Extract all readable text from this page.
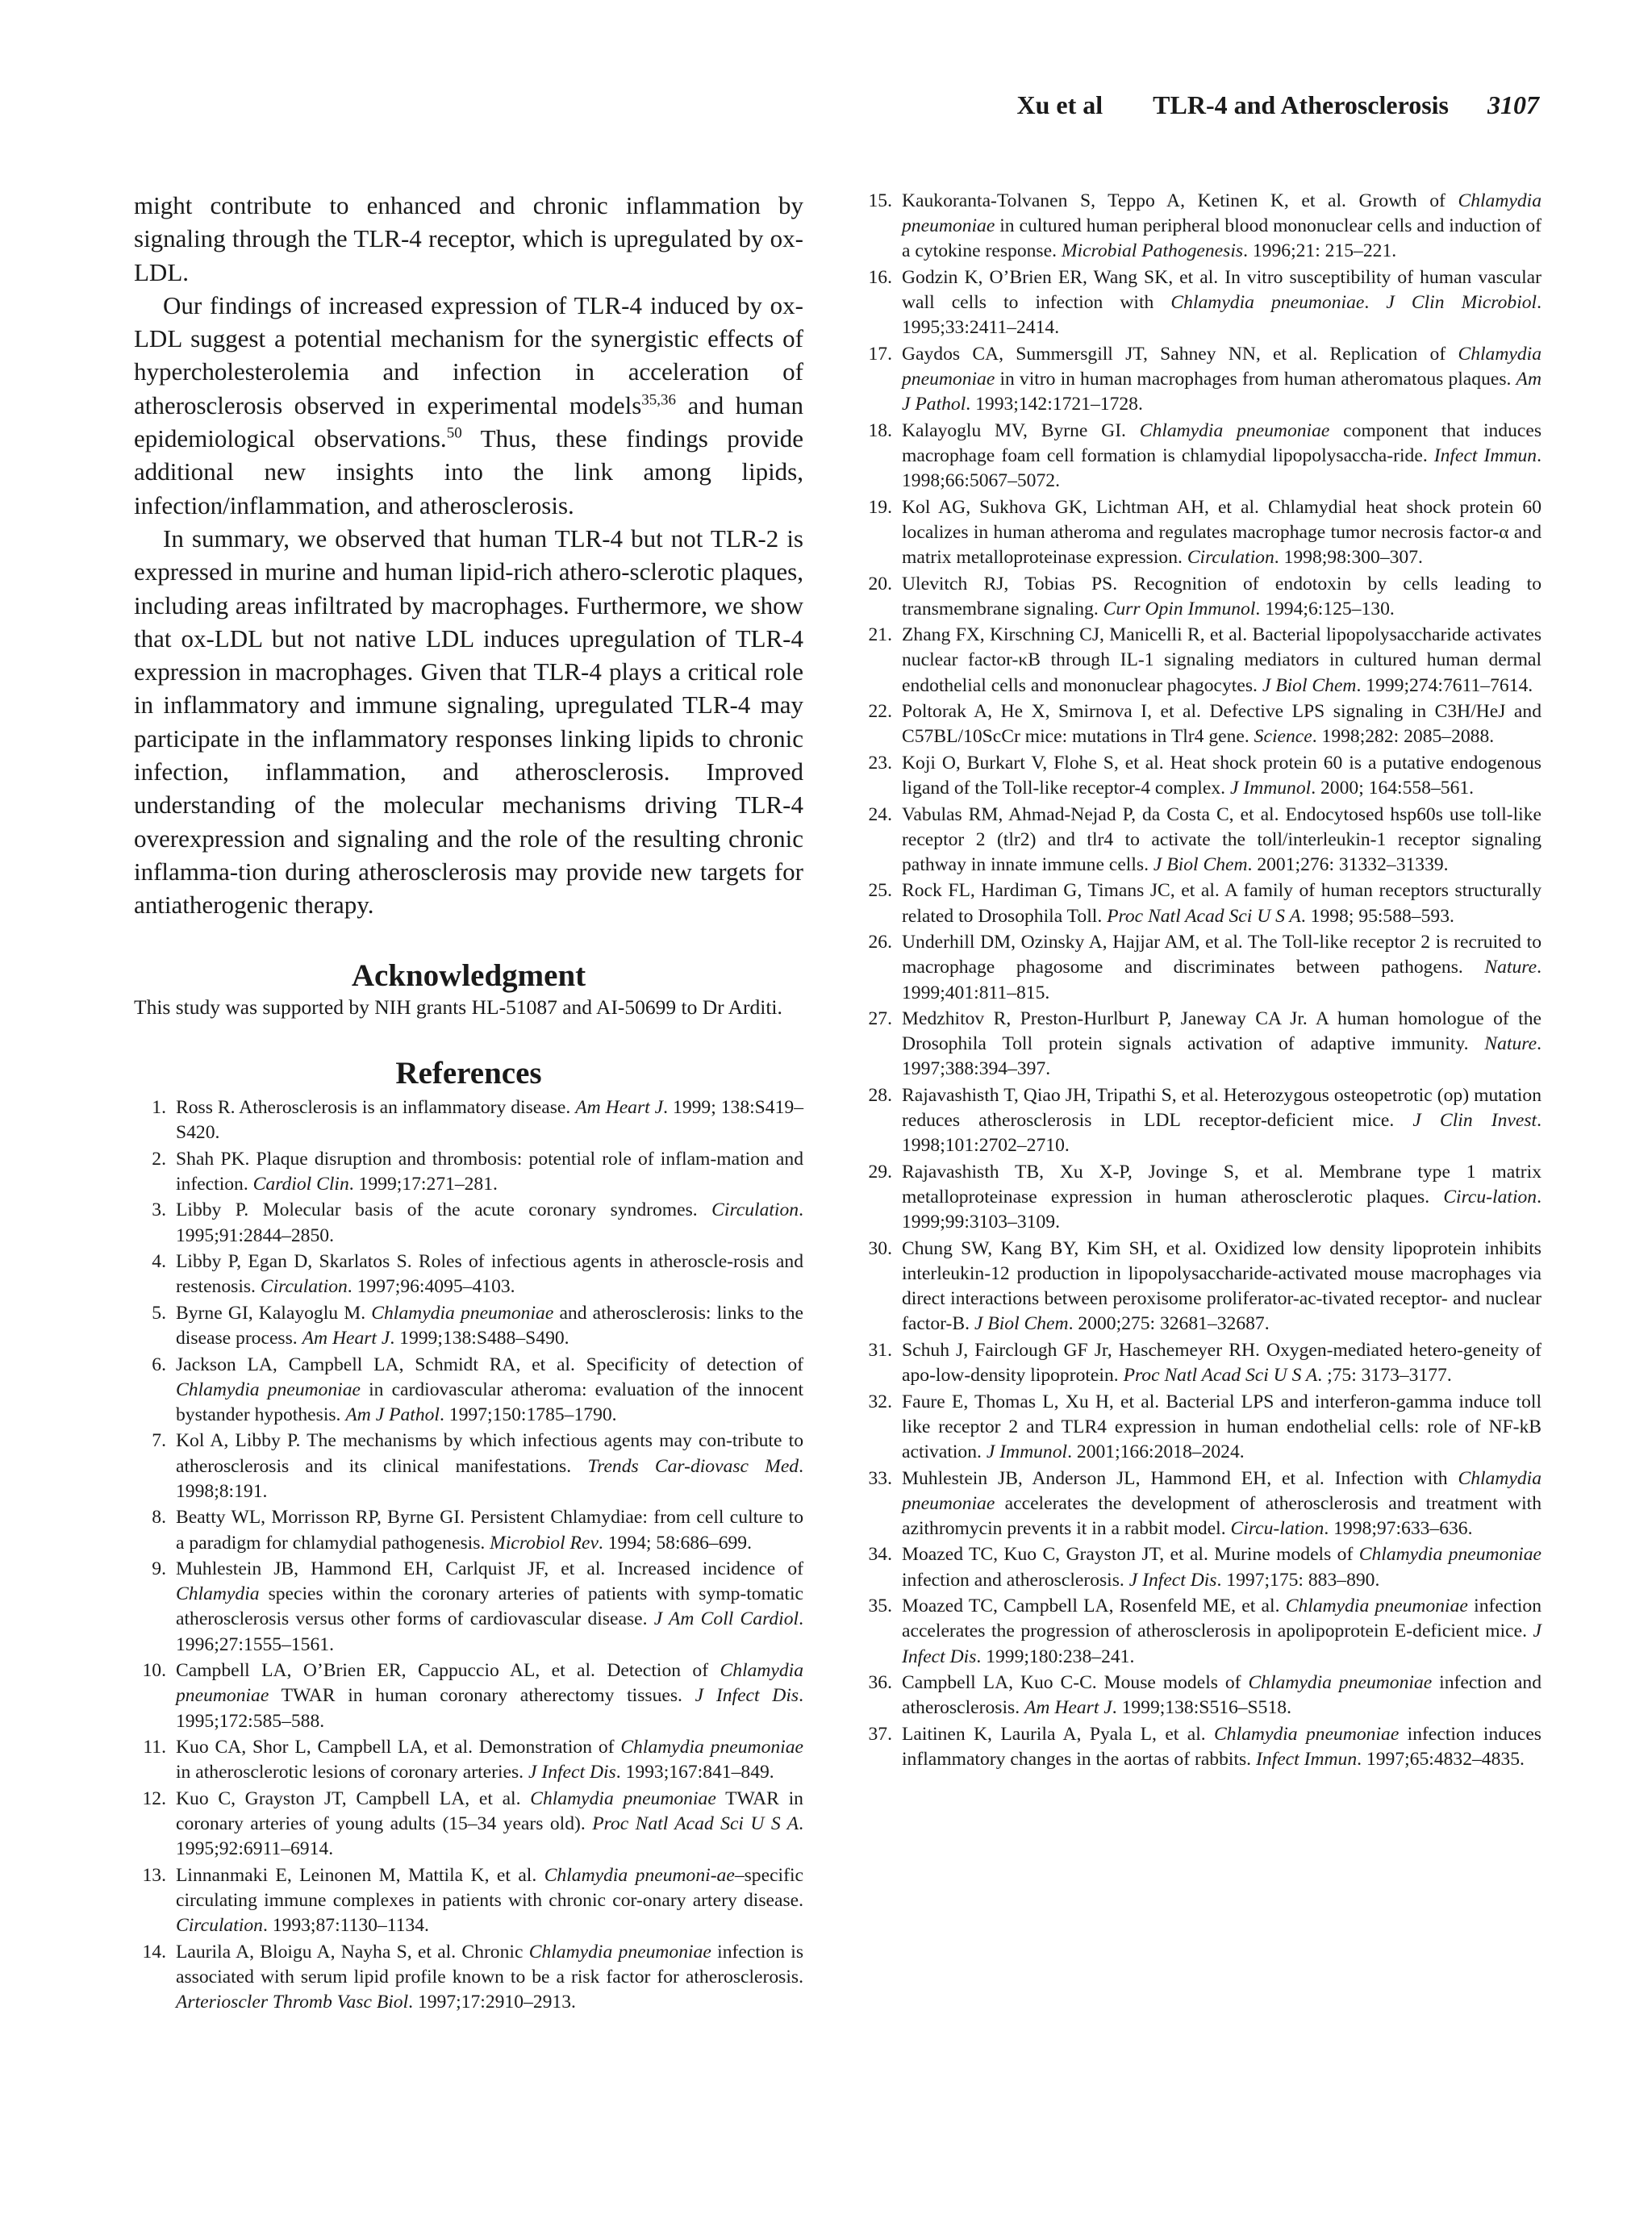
Xu et al TLR-4 and Atherosclerosis 3107

might contribute to enhanced and chronic inflammation by signaling through the TLR-4 receptor, which is upregulated by ox-LDL.

Our findings of increased expression of TLR-4 induced by ox-LDL suggest a potential mechanism for the synergistic effects of hypercholesterolemia and infection in acceleration of atherosclerosis observed in experimental models$^{35,36}$ and human epidemiological observations.$^{50}$ Thus, these findings provide additional new insights into the link among lipids, infection/inflammation, and atherosclerosis.

In summary, we observed that human TLR-4 but not TLR-2 is expressed in murine and human lipid-rich athero-sclerotic plaques, including areas infiltrated by macrophages. Furthermore, we show that ox-LDL but not native LDL induces upregulation of TLR-4 expression in macrophages. Given that TLR-4 plays a critical role in inflammatory and immune signaling, upregulated TLR-4 may participate in the inflammatory responses linking lipids to chronic infection, inflammation, and atherosclerosis. Improved understanding of the molecular mechanisms driving TLR-4 overexpression and signaling and the role of the resulting chronic inflamma-tion during atherosclerosis may provide new targets for antiatherogenic therapy.

Acknowledgment

This study was supported by NIH grants HL-51087 and AI-50699 to Dr Arditi.

References
1. Ross R. Atherosclerosis is an inflammatory disease. Am Heart J. 1999; 138:S419–S420.
2. Shah PK. Plaque disruption and thrombosis: potential role of inflam-mation and infection. Cardiol Clin. 1999;17:271–281.
3. Libby P. Molecular basis of the acute coronary syndromes. Circulation. 1995;91:2844–2850.
4. Libby P, Egan D, Skarlatos S. Roles of infectious agents in atheroscle-rosis and restenosis. Circulation. 1997;96:4095–4103.
5. Byrne GI, Kalayoglu M. Chlamydia pneumoniae and atherosclerosis: links to the disease process. Am Heart J. 1999;138:S488–S490.
6. Jackson LA, Campbell LA, Schmidt RA, et al. Specificity of detection of Chlamydia pneumoniae in cardiovascular atheroma: evaluation of the innocent bystander hypothesis. Am J Pathol. 1997;150:1785–1790.
7. Kol A, Libby P. The mechanisms by which infectious agents may con-tribute to atherosclerosis and its clinical manifestations. Trends Car-diovasc Med. 1998;8:191.
8. Beatty WL, Morrisson RP, Byrne GI. Persistent Chlamydiae: from cell culture to a paradigm for chlamydial pathogenesis. Microbiol Rev. 1994; 58:686–699.
9. Muhlestein JB, Hammond EH, Carlquist JF, et al. Increased incidence of Chlamydia species within the coronary arteries of patients with symp-tomatic atherosclerosis versus other forms of cardiovascular disease. J Am Coll Cardiol. 1996;27:1555–1561.
10. Campbell LA, O’Brien ER, Cappuccio AL, et al. Detection of Chlamydia pneumoniae TWAR in human coronary atherectomy tissues. J Infect Dis. 1995;172:585–588.
11. Kuo CA, Shor L, Campbell LA, et al. Demonstration of Chlamydia pneumoniae in atherosclerotic lesions of coronary arteries. J Infect Dis. 1993;167:841–849.
12. Kuo C, Grayston JT, Campbell LA, et al. Chlamydia pneumoniae TWAR in coronary arteries of young adults (15–34 years old). Proc Natl Acad Sci U S A. 1995;92:6911–6914.
13. Linnanmaki E, Leinonen M, Mattila K, et al. Chlamydia pneumoni-ae–specific circulating immune complexes in patients with chronic cor-onary artery disease. Circulation. 1993;87:1130–1134.
14. Laurila A, Bloigu A, Nayha S, et al. Chronic Chlamydia pneumoniae infection is associated with serum lipid profile known to be a risk factor for atherosclerosis. Arterioscler Thromb Vasc Biol. 1997;17:2910–2913.
15. Kaukoranta-Tolvanen S, Teppo A, Ketinen K, et al. Growth of Chlamydia pneumoniae in cultured human peripheral blood mononuclear cells and induction of a cytokine response. Microbial Pathogenesis. 1996;21: 215–221.
16. Godzin K, O’Brien ER, Wang SK, et al. In vitro susceptibility of human vascular wall cells to infection with Chlamydia pneumoniae. J Clin Microbiol. 1995;33:2411–2414.
17. Gaydos CA, Summersgill JT, Sahney NN, et al. Replication of Chlamydia pneumoniae in vitro in human macrophages from human atheromatous plaques. Am J Pathol. 1993;142:1721–1728.
18. Kalayoglu MV, Byrne GI. Chlamydia pneumoniae component that induces macrophage foam cell formation is chlamydial lipopolysaccha-ride. Infect Immun. 1998;66:5067–5072.
19. Kol AG, Sukhova GK, Lichtman AH, et al. Chlamydial heat shock protein 60 localizes in human atheroma and regulates macrophage tumor necrosis factor-α and matrix metalloproteinase expression. Circulation. 1998;98:300–307.
20. Ulevitch RJ, Tobias PS. Recognition of endotoxin by cells leading to transmembrane signaling. Curr Opin Immunol. 1994;6:125–130.
21. Zhang FX, Kirschning CJ, Manicelli R, et al. Bacterial lipopolysaccharide activates nuclear factor-κB through IL-1 signaling mediators in cultured human dermal endothelial cells and mononuclear phagocytes. J Biol Chem. 1999;274:7611–7614.
22. Poltorak A, He X, Smirnova I, et al. Defective LPS signaling in C3H/HeJ and C57BL/10ScCr mice: mutations in Tlr4 gene. Science. 1998;282: 2085–2088.
23. Koji O, Burkart V, Flohe S, et al. Heat shock protein 60 is a putative endogenous ligand of the Toll-like receptor-4 complex. J Immunol. 2000; 164:558–561.
24. Vabulas RM, Ahmad-Nejad P, da Costa C, et al. Endocytosed hsp60s use toll-like receptor 2 (tlr2) and tlr4 to activate the toll/interleukin-1 receptor signaling pathway in innate immune cells. J Biol Chem. 2001;276: 31332–31339.
25. Rock FL, Hardiman G, Timans JC, et al. A family of human receptors structurally related to Drosophila Toll. Proc Natl Acad Sci U S A. 1998; 95:588–593.
26. Underhill DM, Ozinsky A, Hajjar AM, et al. The Toll-like receptor 2 is recruited to macrophage phagosome and discriminates between pathogens. Nature. 1999;401:811–815.
27. Medzhitov R, Preston-Hurlburt P, Janeway CA Jr. A human homologue of the Drosophila Toll protein signals activation of adaptive immunity. Nature. 1997;388:394–397.
28. Rajavashisth T, Qiao JH, Tripathi S, et al. Heterozygous osteopetrotic (op) mutation reduces atherosclerosis in LDL receptor-deficient mice. J Clin Invest. 1998;101:2702–2710.
29. Rajavashisth TB, Xu X-P, Jovinge S, et al. Membrane type 1 matrix metalloproteinase expression in human atherosclerotic plaques. Circu-lation. 1999;99:3103–3109.
30. Chung SW, Kang BY, Kim SH, et al. Oxidized low density lipoprotein inhibits interleukin-12 production in lipopolysaccharide-activated mouse macrophages via direct interactions between peroxisome proliferator-ac-tivated receptor- and nuclear factor-B. J Biol Chem. 2000;275: 32681–32687.
31. Schuh J, Fairclough GF Jr, Haschemeyer RH. Oxygen-mediated hetero-geneity of apo-low-density lipoprotein. Proc Natl Acad Sci U S A. ;75: 3173–3177.
32. Faure E, Thomas L, Xu H, et al. Bacterial LPS and interferon-gamma induce toll like receptor 2 and TLR4 expression in human endothelial cells: role of NF-kB activation. J Immunol. 2001;166:2018–2024.
33. Muhlestein JB, Anderson JL, Hammond EH, et al. Infection with Chlamydia pneumoniae accelerates the development of atherosclerosis and treatment with azithromycin prevents it in a rabbit model. Circu-lation. 1998;97:633–636.
34. Moazed TC, Kuo C, Grayston JT, et al. Murine models of Chlamydia pneumoniae infection and atherosclerosis. J Infect Dis. 1997;175: 883–890.
35. Moazed TC, Campbell LA, Rosenfeld ME, et al. Chlamydia pneumoniae infection accelerates the progression of atherosclerosis in apolipoprotein E-deficient mice. J Infect Dis. 1999;180:238–241.
36. Campbell LA, Kuo C-C. Mouse models of Chlamydia pneumoniae infection and atherosclerosis. Am Heart J. 1999;138:S516–S518.
37. Laitinen K, Laurila A, Pyala L, et al. Chlamydia pneumoniae infection induces inflammatory changes in the aortas of rabbits. Infect Immun. 1997;65:4832–4835.
